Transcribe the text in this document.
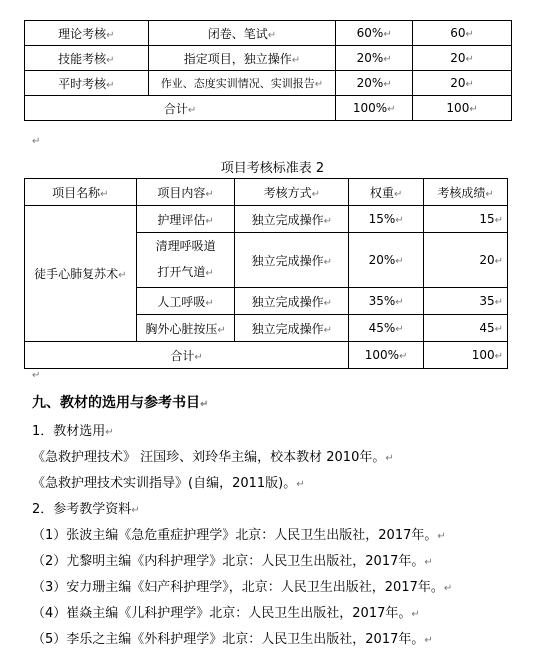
理论考核↵	闭卷、笔试↵	60%↵	60↵
技能考核↵	指定项目，独立操作↵	20%↵	20↵
平时考核↵	作业、态度实训情况、实训报告↵	20%↵	20↵
合计↵		100%↵	100↵
↵
项目考核标准表 2
项目名称↵	项目内容↵	考核方式↵	权重↵	考核成绩↵
徒手心肺复苏术↵	护理评估↵	独立完成操作↵	15%↵	15↵
	清理呼吸道
打开气道↵	独立完成操作↵	20%↵	20↵
	人工呼吸↵	独立完成操作↵	35%↵	35↵
	胸外心脏按压↵	独立完成操作↵	45%↵	45↵
合计↵			100%↵	100↵
↵
九、教材的选用与参考书目↵
1．教材选用↵
《急救护理技术》 汪国珍、刘玲华主编，校本教材 2010年。↵
《急救护理技术实训指导》(自编，2011版)。↵
2．参考教学资料↵
（1）张波主编《急危重症护理学》北京：人民卫生出版社，2017年。↵
（2）尤黎明主编《内科护理学》北京：人民卫生出版社，2017年。↵
（3）安力珊主编《妇产科护理学》，北京：人民卫生出版社，2017年。↵
（4）崔焱主编《儿科护理学》北京：人民卫生出版社，2017年。↵
（5）李乐之主编《外科护理学》北京：人民卫生出版社，2017年。↵
